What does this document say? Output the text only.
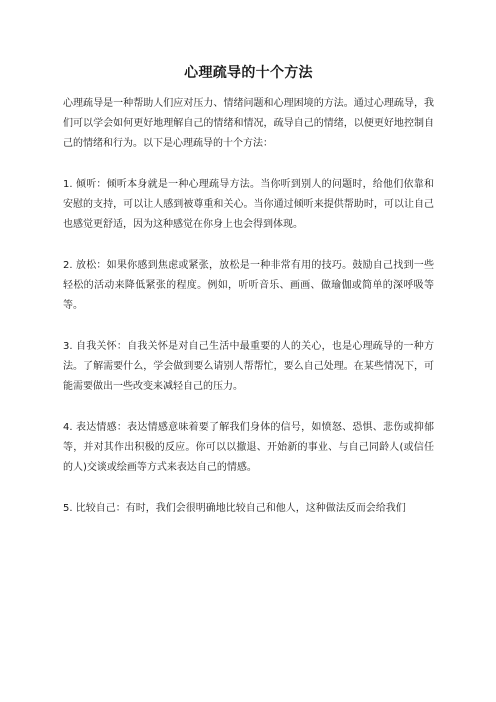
心理疏导的十个方法

心理疏导是一种帮助人们应对压力、情绪问题和心理困境的方法。通过心理疏导，我们可以学会如何更好地理解自己的情绪和情况，疏导自己的情绪，以便更好地控制自己的情绪和行为。以下是心理疏导的十个方法：

1. 倾听：倾听本身就是一种心理疏导方法。当你听到别人的问题时，给他们依靠和安慰的支持，可以让人感到被尊重和关心。当你通过倾听来提供帮助时，可以让自己也感觉更舒适，因为这种感觉在你身上也会得到体现。

2. 放松：如果你感到焦虑或紧张，放松是一种非常有用的技巧。鼓励自己找到一些轻松的活动来降低紧张的程度。例如，听听音乐、画画、做瑜伽或简单的深呼吸等等。

3. 自我关怀：自我关怀是对自己生活中最重要的人的关心，也是心理疏导的一种方法。了解需要什么，学会做到要么请别人帮帮忙，要么自己处理。在某些情况下，可能需要做出一些改变来减轻自己的压力。

4. 表达情感：表达情感意味着要了解我们身体的信号，如愤怒、恐惧、悲伤或抑郁等，并对其作出积极的反应。你可以以撤退、开始新的事业、与自己同龄人(或信任的人)交谈或绘画等方式来表达自己的情感。

5. 比较自己：有时，我们会很明确地比较自己和他人，这种做法反而会给我们
